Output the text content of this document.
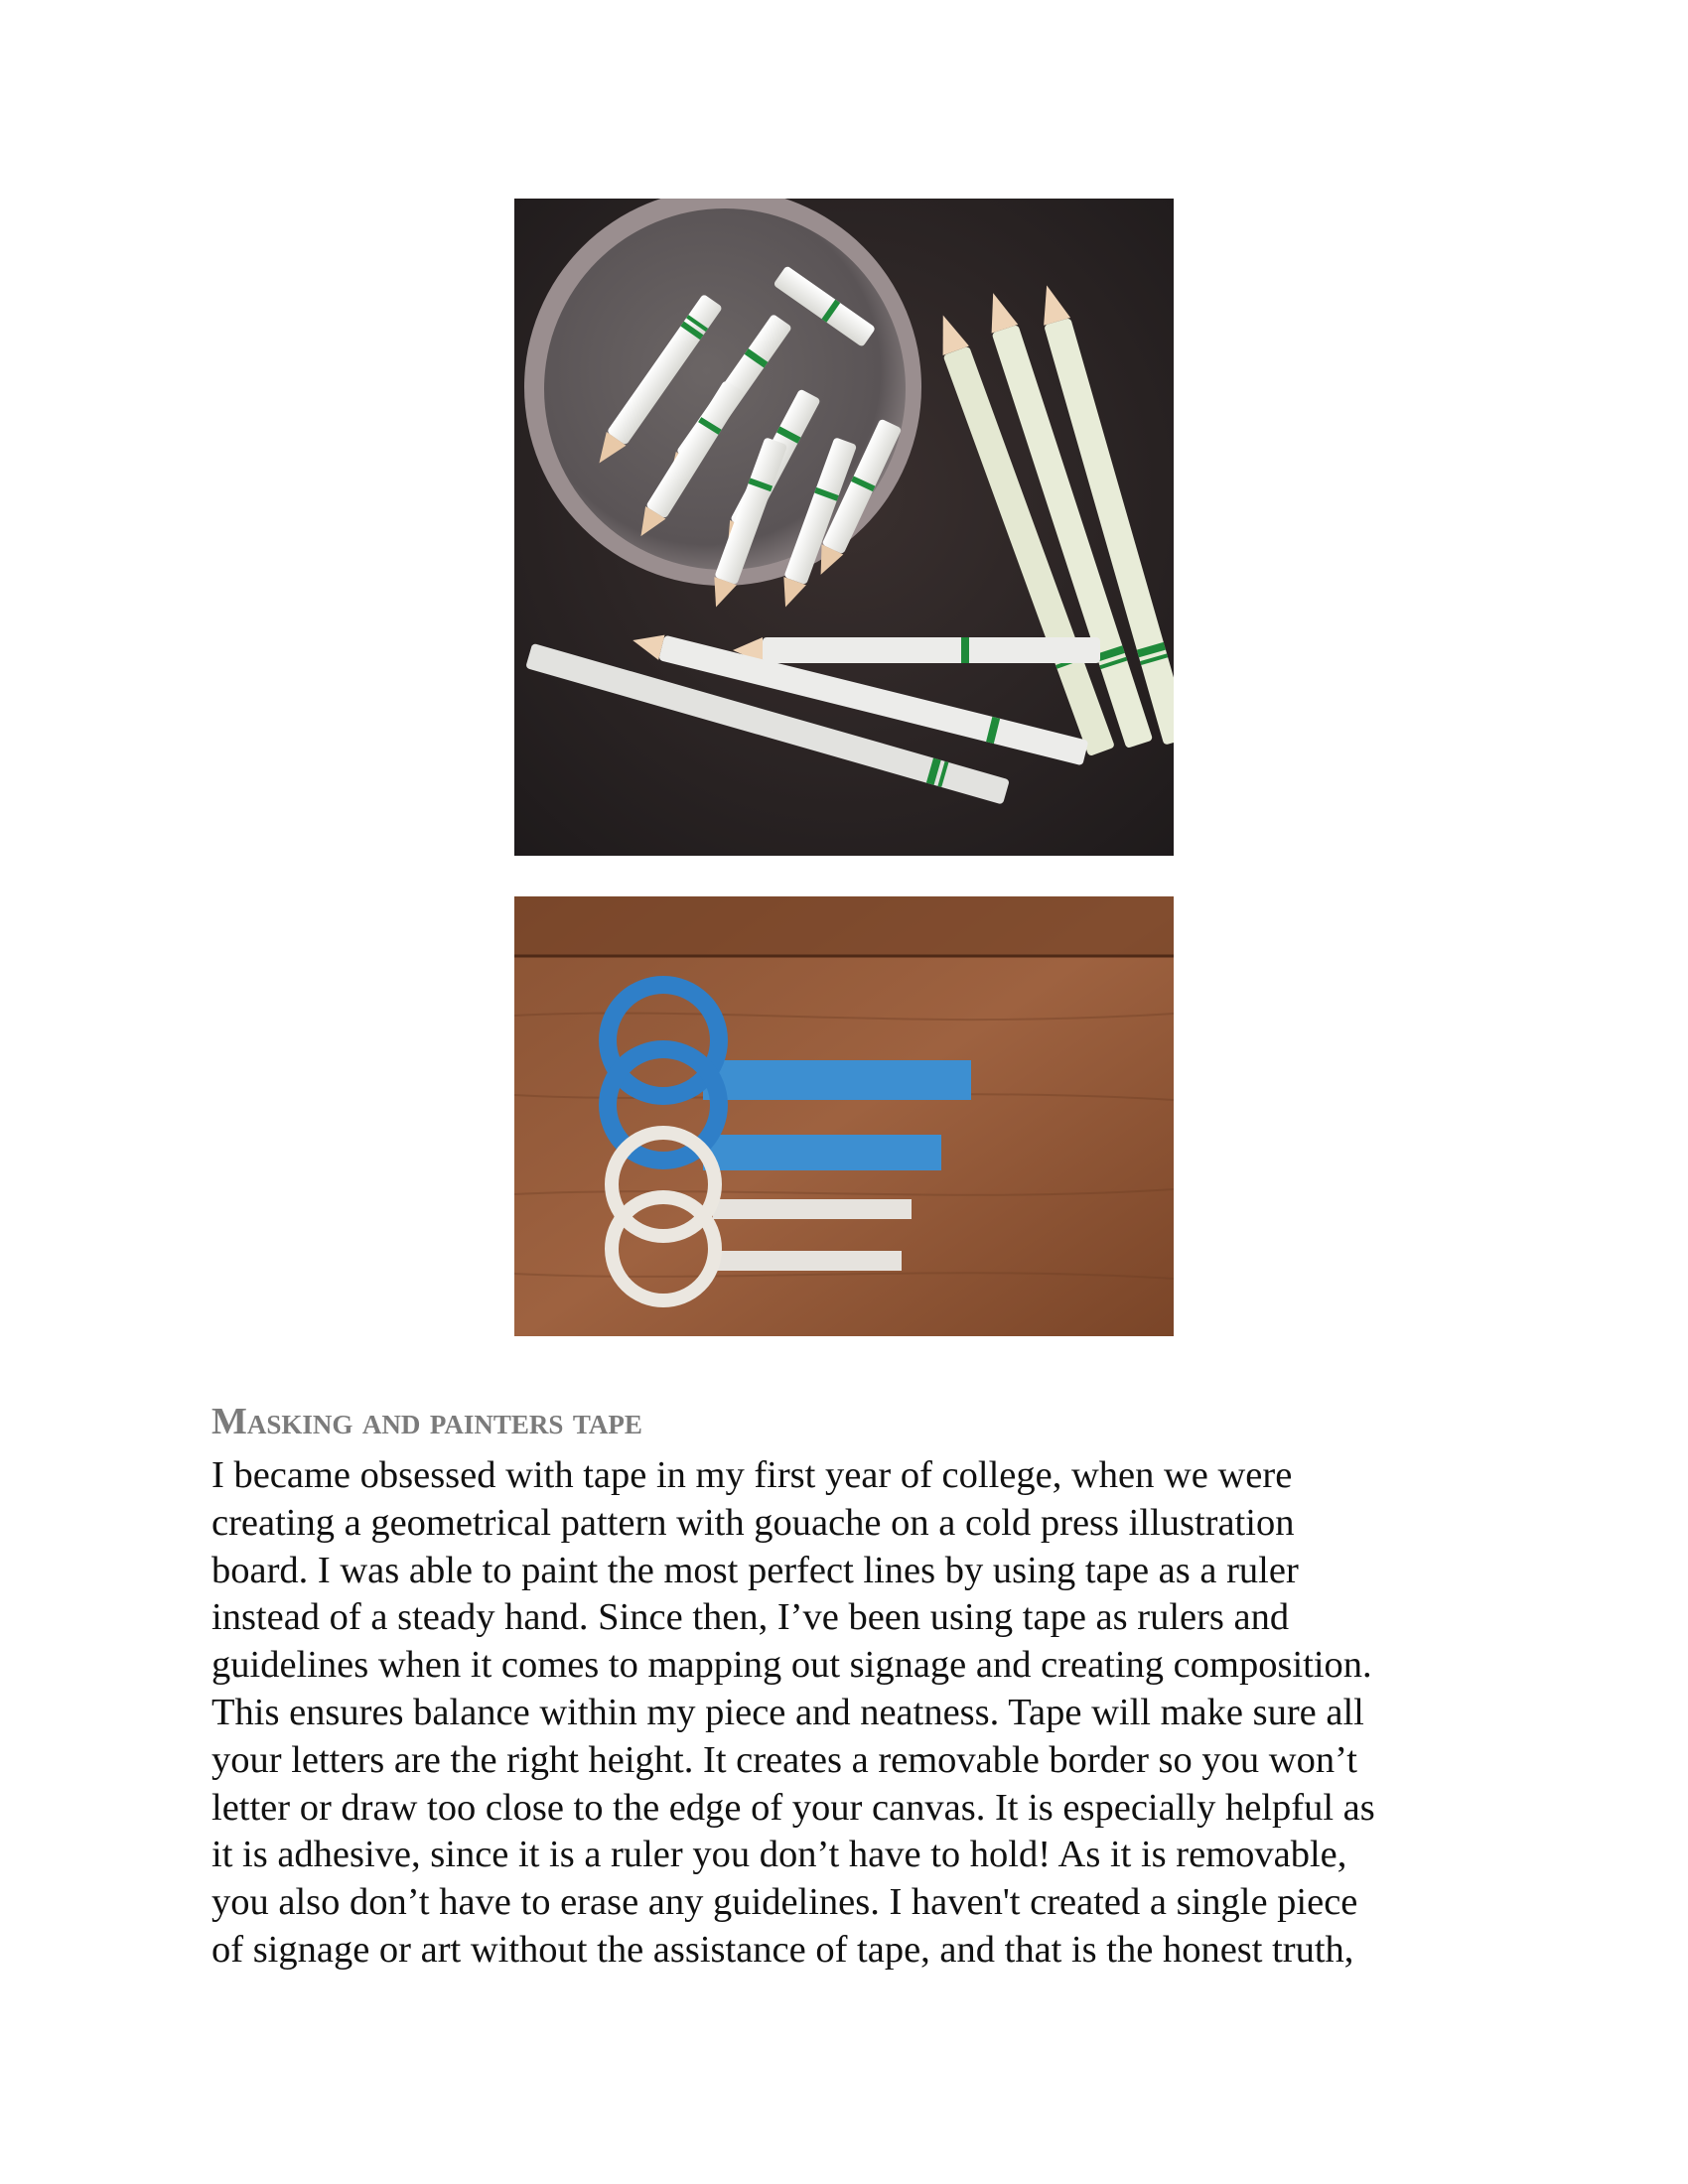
Masking and painters tape

I became obsessed with tape in my first year of college, when we were
creating a geometrical pattern with gouache on a cold press illustration
board. I was able to paint the most perfect lines by using tape as a ruler
instead of a steady hand. Since then, I’ve been using tape as rulers and
guidelines when it comes to mapping out signage and creating composition.
This ensures balance within my piece and neatness. Tape will make sure all
your letters are the right height. It creates a removable border so you won’t
letter or draw too close to the edge of your canvas. It is especially helpful as
it is adhesive, since it is a ruler you don’t have to hold! As it is removable,
you also don’t have to erase any guidelines. I haven't created a single piece
of signage or art without the assistance of tape, and that is the honest truth,
